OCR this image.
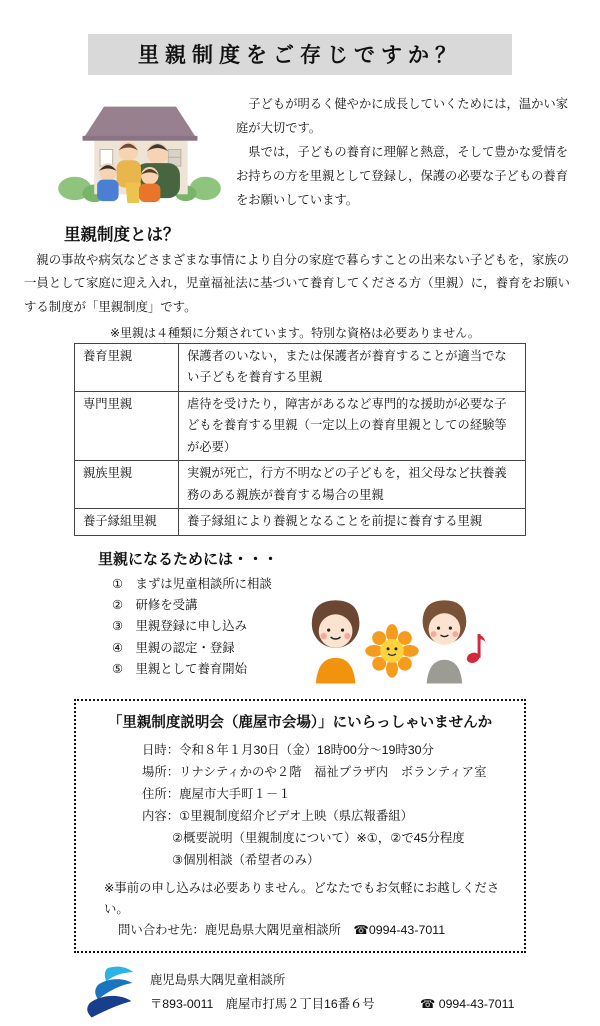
里親制度をご存じですか？

子どもが明るく健やかに成長していくためには，温かい家庭が大切です。

県では，子どもの養育に理解と熱意，そして豊かな愛情をお持ちの方を里親として登録し，保護の必要な子どもの養育をお願いしています。

里親制度とは？
親の事故や病気などさまざまな事情により自分の家庭で暮らすことの出来ない子どもを，家族の一員として家庭に迎え入れ，児童福祉法に基づいて養育してくださる方（里親）に，養育をお願いする制度が「里親制度」です。
※里親は４種類に分類されています。特別な資格は必要ありません。
養育里親	保護者のいない，または保護者が養育することが適当でない子どもを養育する里親
専門里親	虐待を受けたり，障害があるなど専門的な援助が必要な子どもを養育する里親（一定以上の養育里親としての経験等が必要）
親族里親	実親が死亡，行方不明などの子どもを，祖父母など扶養義務のある親族が養育する場合の里親
養子縁組里親	養子縁組により養親となることを前提に養育する里親
里親になるためには・・・
①　まずは児童相談所に相談
②　研修を受講
③　里親登録に申し込み
④　里親の認定・登録
⑤　里親として養育開始
「里親制度説明会（鹿屋市会場）」にいらっしゃいませんか
日時：令和８年１月30日（金）18時00分～19時30分
場所：リナシティかのや２階　福祉プラザ内　ボランティア室
住所：鹿屋市大手町１－１
内容：①里親制度紹介ビデオ上映（県広報番組）
②概要説明（里親制度について）※①，②で45分程度
③個別相談（希望者のみ）
※事前の申し込みは必要ありません。どなたでもお気軽にお越しください。
問い合わせ先：鹿児島県大隅児童相談所　☎0994-43-7011
鹿児島県大隅児童相談所
〒893-0011　鹿屋市打馬２丁目16番６号	☎ 0994-43-7011
